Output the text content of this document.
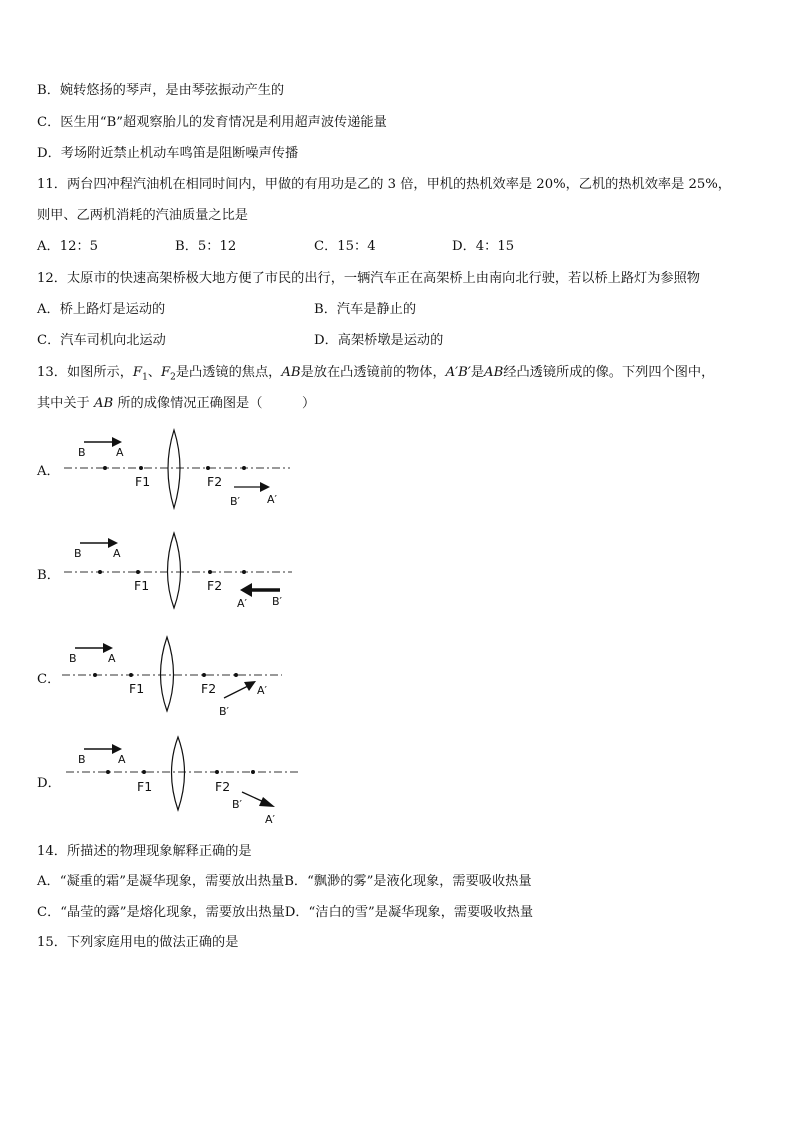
B．婉转悠扬的琴声，是由琴弦振动产生的
C．医生用“B”超观察胎儿的发育情况是利用超声波传递能量
D．考场附近禁止机动车鸣笛是阻断噪声传播
11．两台四冲程汽油机在相同时间内，甲做的有用功是乙的 3 倍，甲机的热机效率是 20%，乙机的热机效率是 25%，
则甲、乙两机消耗的汽油质量之比是
A．12：5	B．5：12	C．15：4	D．4：15
12．太原市的快速高架桥极大地方便了市民的出行，一辆汽车正在高架桥上由南向北行驶，若以桥上路灯为参照物
A．桥上路灯是运动的	B．汽车是静止的
C．汽车司机向北运动	D．高架桥墩是运动的
13．如图所示，$F_1$、$F_2$是凸透镜的焦点，AB是放在凸透镜前的物体，A′B′是AB经凸透镜所成的像。下列四个图中，
其中关于 AB 所的成像情况正确图是（　　　）
A．
B	A
F1	F2
B′ A′
B．
B	A
F1	F2
A′ B′
C．
B	A
F1	F2
B′
A′
D．
B	A
F1	F2
B′
A′
14．所描述的物理现象解释正确的是
A．“凝重的霜”是凝华现象，需要放出热量B．“飘渺的雾”是液化现象，需要吸收热量
C．“晶莹的露”是熔化现象，需要放出热量D．“洁白的雪”是凝华现象，需要吸收热量
15．下列家庭用电的做法正确的是
